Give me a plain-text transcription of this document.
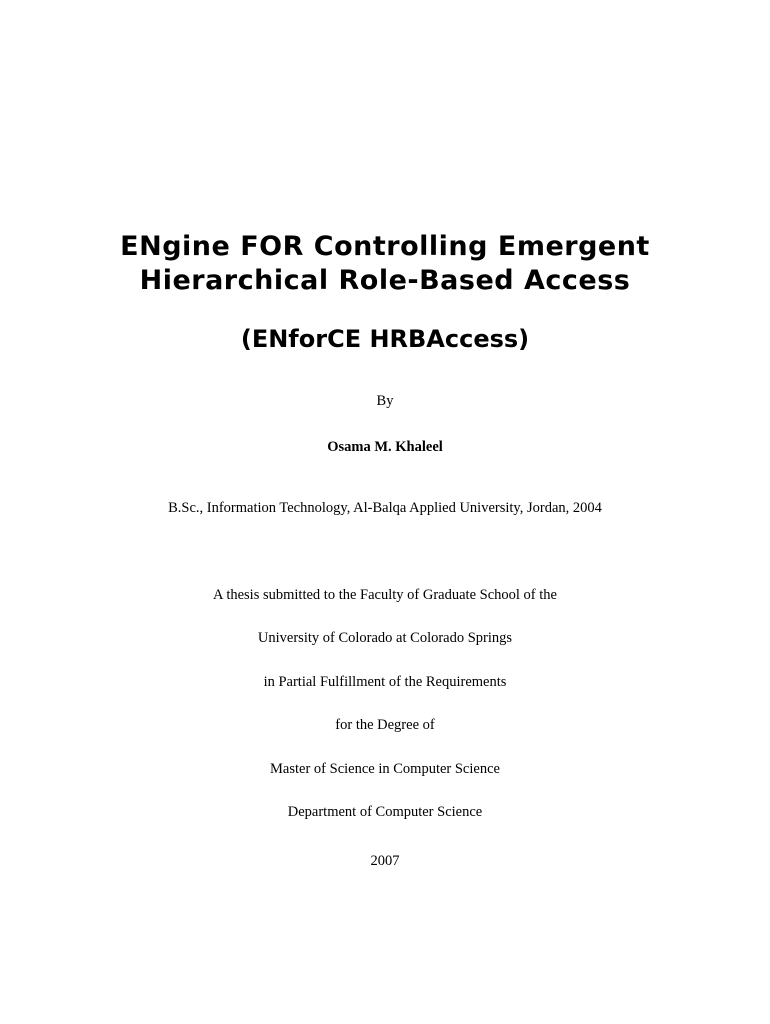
ENgine FOR Controlling Emergent
Hierarchical Role-Based Access
(ENforCE HRBAccess)
By
Osama M. Khaleel
B.Sc., Information Technology, Al-Balqa Applied University, Jordan, 2004
A thesis submitted to the Faculty of Graduate School of the
University of Colorado at Colorado Springs
in Partial Fulfillment of the Requirements
for the Degree of
Master of Science in Computer Science
Department of Computer Science
2007
